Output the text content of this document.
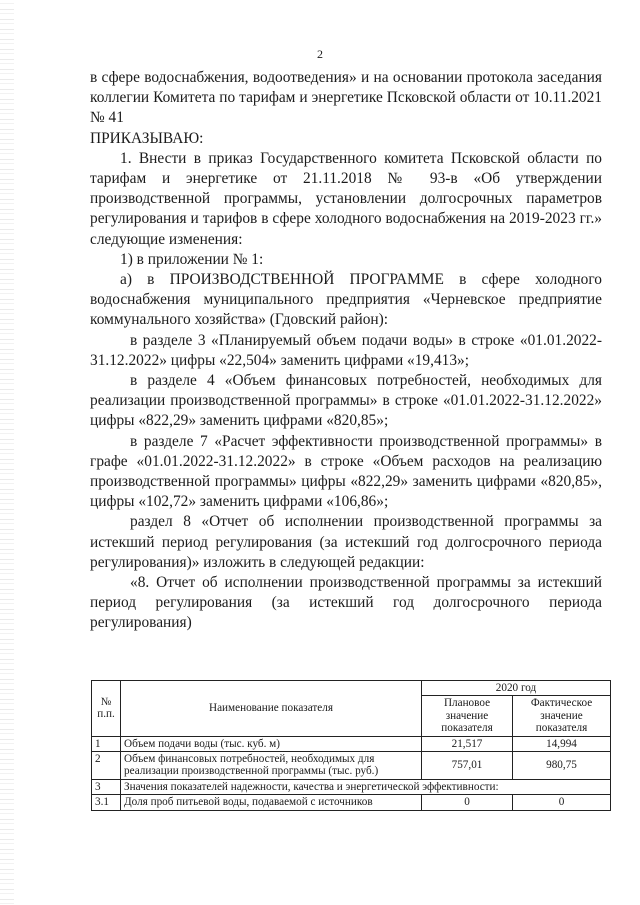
2

в сфере водоснабжения, водоотведения» и на основании протокола заседания коллегии Комитета по тарифам и энергетике Псковской области от 10.11.2021 № 41

ПРИКАЗЫВАЮ:

1. Внести в приказ Государственного комитета Псковской области по тарифам и энергетике от 21.11.2018 № 93-в «Об утверждении производственной программы, установлении долгосрочных параметров регулирования и тарифов в сфере холодного водоснабжения на 2019-2023 гг.» следующие изменения:

1) в приложении № 1:

а) в ПРОИЗВОДСТВЕННОЙ ПРОГРАММЕ в сфере холодного водоснабжения муниципального предприятия «Черневское предприятие коммунального хозяйства» (Гдовский район):

в разделе 3 «Планируемый объем подачи воды» в строке «01.01.2022-31.12.2022» цифры «22,504» заменить цифрами «19,413»;

в разделе 4 «Объем финансовых потребностей, необходимых для реализации производственной программы» в строке «01.01.2022-31.12.2022» цифры «822,29» заменить цифрами «820,85»;

в разделе 7 «Расчет эффективности производственной программы» в графе «01.01.2022-31.12.2022» в строке «Объем расходов на реализацию производственной программы» цифры «822,29» заменить цифрами «820,85», цифры «102,72» заменить цифрами «106,86»;

раздел 8 «Отчет об исполнении производственной программы за истекший период регулирования (за истекший год долгосрочного периода регулирования)» изложить в следующей редакции:

«8. Отчет об исполнении производственной программы за истекший период регулирования (за истекший год долгосрочного периода регулирования)

№ п.п.	Наименование показателя	2020 год	
		Плановое значение показателя	Фактическое значение показателя
1	Объем подачи воды (тыс. куб. м)	21,517	14,994
2	Объем финансовых потребностей, необходимых для реализации производственной программы (тыс. руб.)	757,01	980,75
3	Значения показателей надежности, качества и энергетической эффективности:		
3.1	Доля проб питьевой воды, подаваемой с источников	0	0
